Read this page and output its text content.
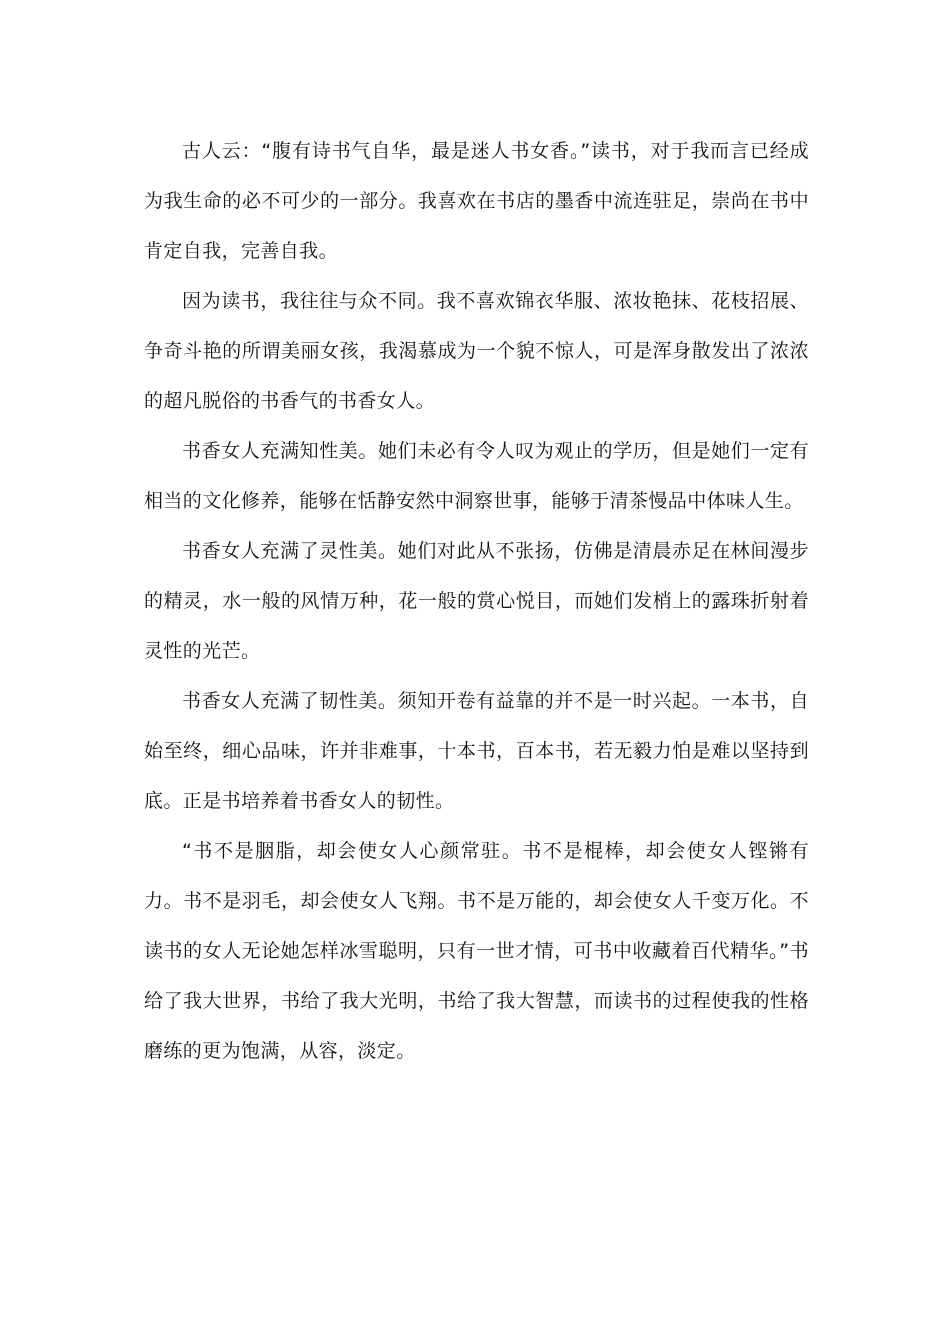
古人云：“腹有诗书气自华，最是迷人书女香。”读书，对于我而言已经成为我生命的必不可少的一部分。我喜欢在书店的墨香中流连驻足，崇尚在书中肯定自我，完善自我。

因为读书，我往往与众不同。我不喜欢锦衣华服、浓妆艳抹、花枝招展、争奇斗艳的所谓美丽女孩，我渴慕成为一个貌不惊人，可是浑身散发出了浓浓的超凡脱俗的书香气的书香女人。

书香女人充满知性美。她们未必有令人叹为观止的学历，但是她们一定有相当的文化修养，能够在恬静安然中洞察世事，能够于清茶慢品中体味人生。

书香女人充满了灵性美。她们对此从不张扬，仿佛是清晨赤足在林间漫步的精灵，水一般的风情万种，花一般的赏心悦目，而她们发梢上的露珠折射着灵性的光芒。

书香女人充满了韧性美。须知开卷有益靠的并不是一时兴起。一本书，自始至终，细心品味，许并非难事，十本书，百本书，若无毅力怕是难以坚持到底。正是书培养着书香女人的韧性。

“书不是胭脂，却会使女人心颜常驻。书不是棍棒，却会使女人铿锵有力。书不是羽毛，却会使女人飞翔。书不是万能的，却会使女人千变万化。不读书的女人无论她怎样冰雪聪明，只有一世才情，可书中收藏着百代精华。”书给了我大世界，书给了我大光明，书给了我大智慧，而读书的过程使我的性格磨练的更为饱满，从容，淡定。
